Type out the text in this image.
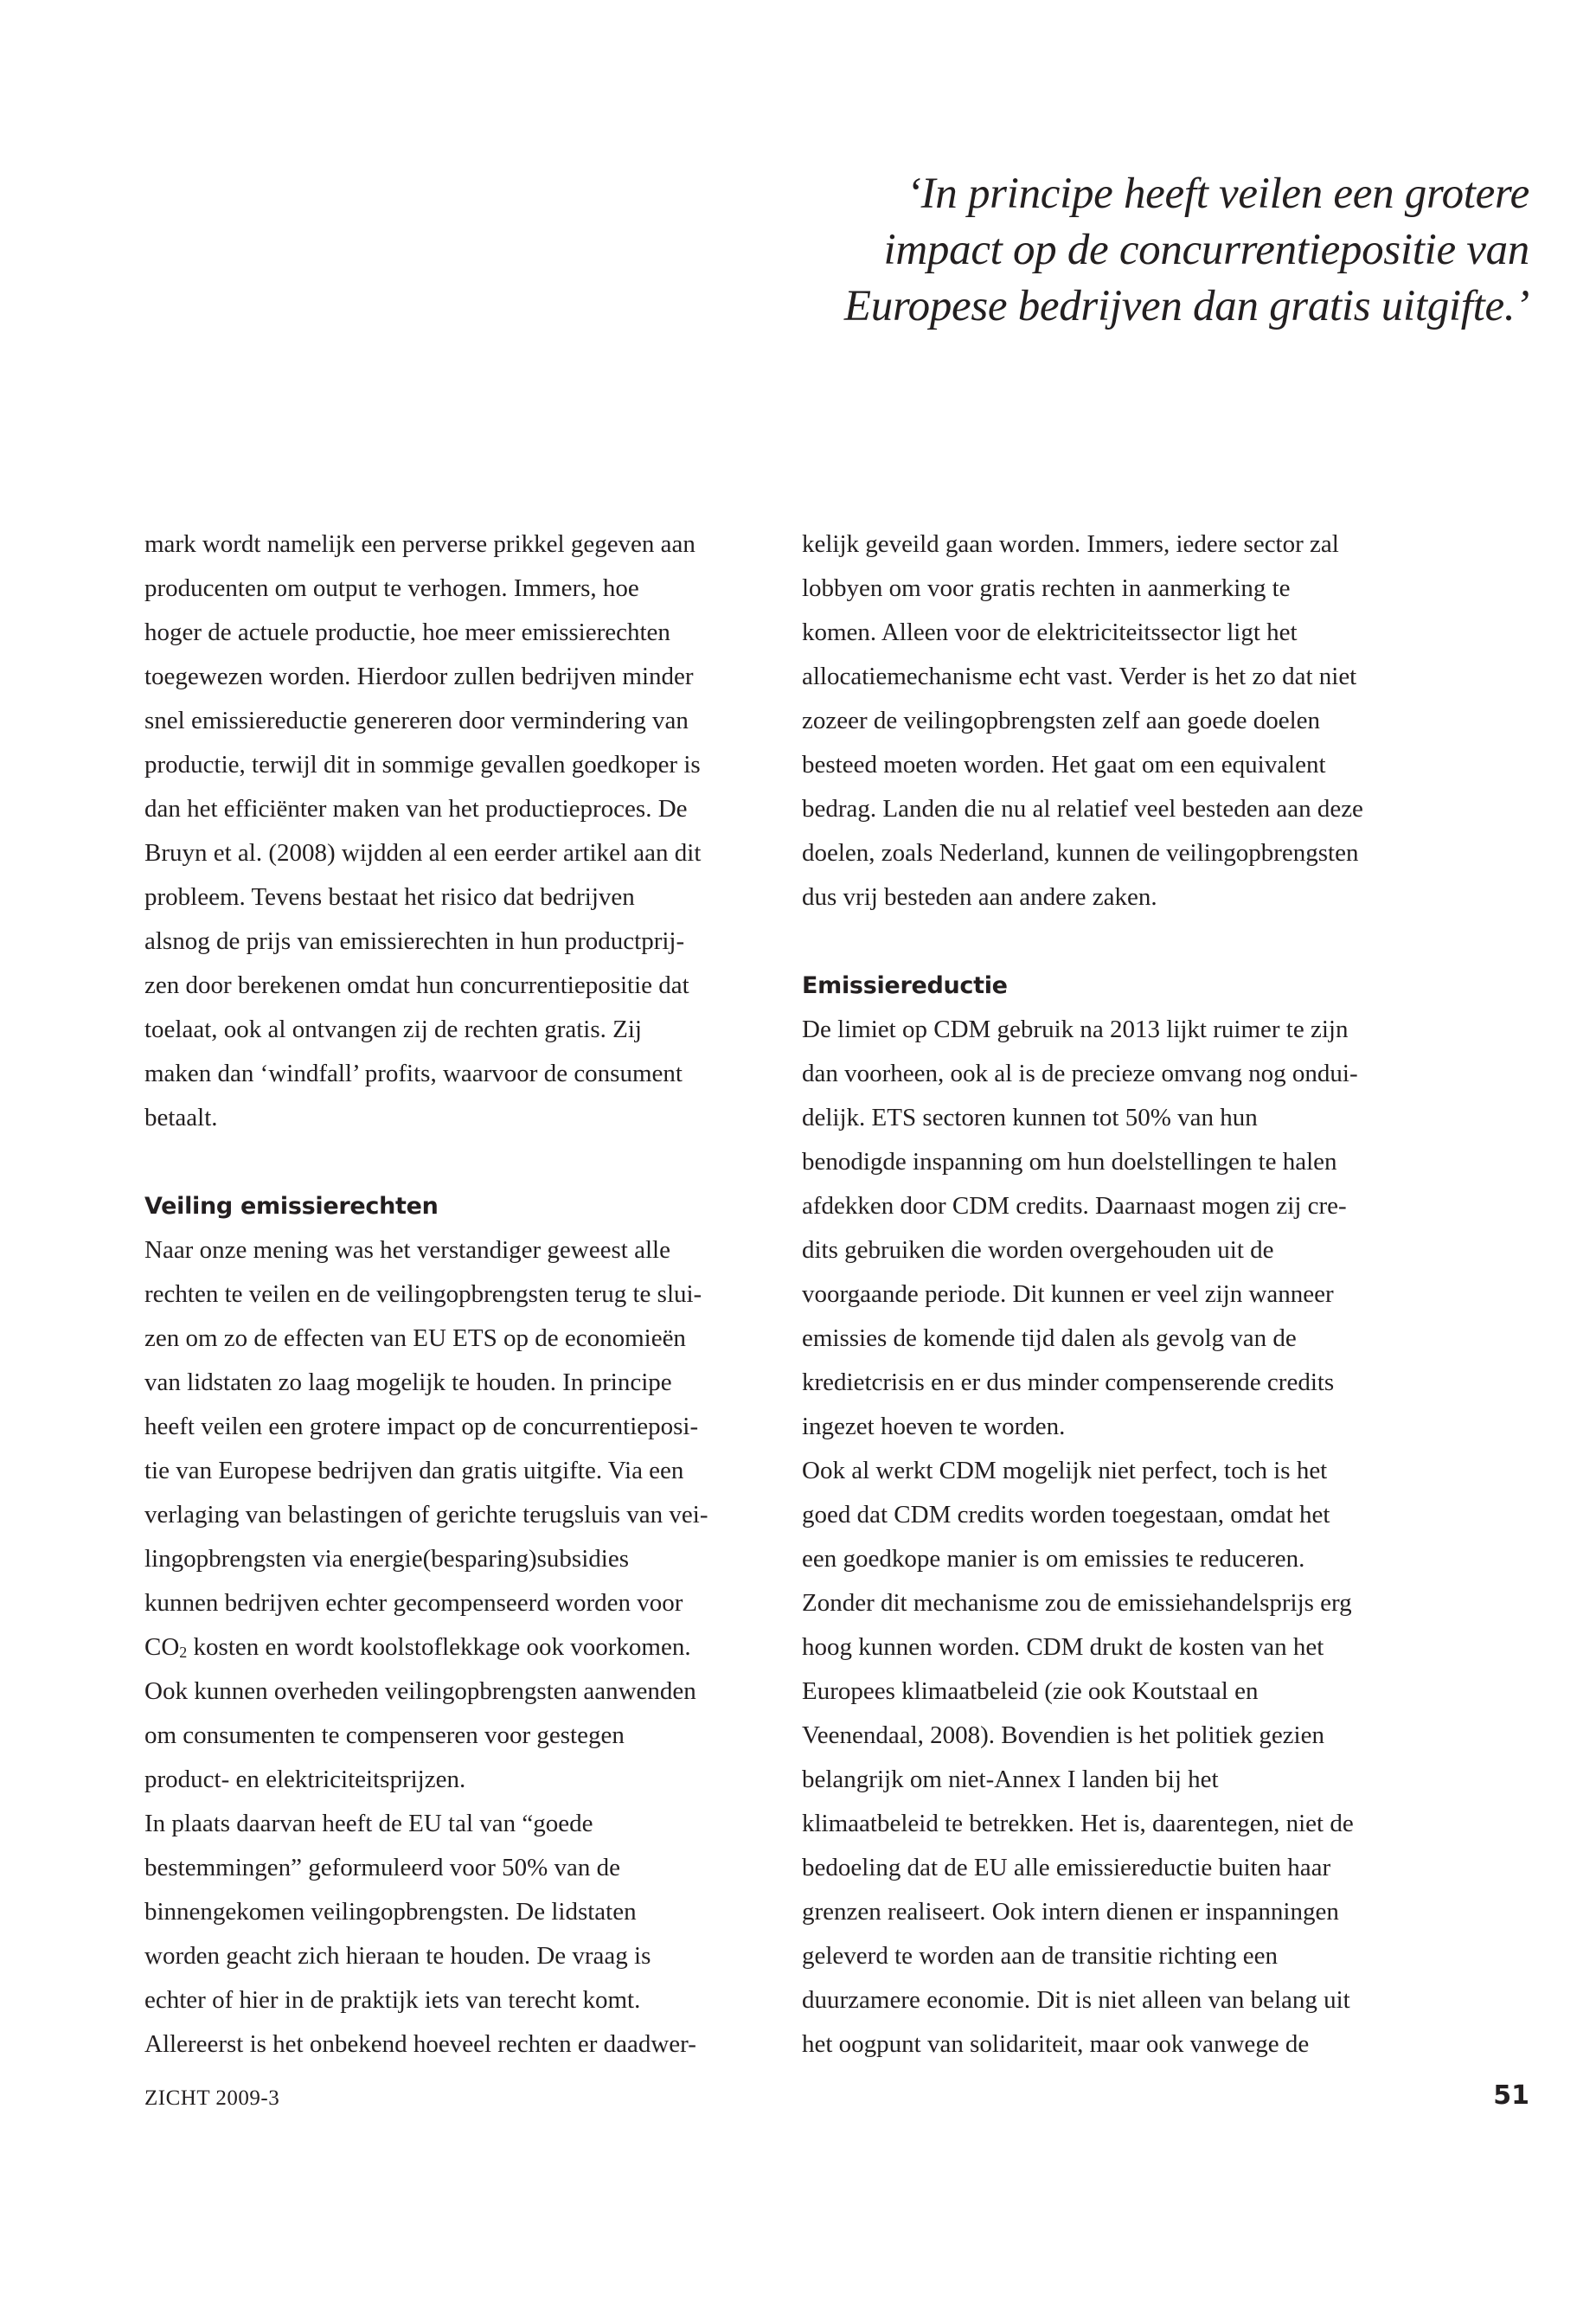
‘In principe heeft veilen een grotere
impact op de concurrentiepositie van
Europese bedrijven dan gratis uitgifte.’

mark wordt namelijk een perverse prikkel gegeven aan
producenten om output te verhogen. Immers, hoe
hoger de actuele productie, hoe meer emissierechten
toegewezen worden. Hierdoor zullen bedrijven minder
snel emissiereductie genereren door vermindering van
productie, terwijl dit in sommige gevallen goedkoper is
dan het efficiënter maken van het productieproces. De
Bruyn et al. (2008) wijdden al een eerder artikel aan dit
probleem. Tevens bestaat het risico dat bedrijven
alsnog de prijs van emissierechten in hun productprij-
zen door berekenen omdat hun concurrentiepositie dat
toelaat, ook al ontvangen zij de rechten gratis. Zij
maken dan ‘windfall’ profits, waarvoor de consument
betaalt.

Veiling emissierechten

Naar onze mening was het verstandiger geweest alle
rechten te veilen en de veilingopbrengsten terug te slui-
zen om zo de effecten van EU ETS op de economieën
van lidstaten zo laag mogelijk te houden. In principe
heeft veilen een grotere impact op de concurrentieposi-
tie van Europese bedrijven dan gratis uitgifte. Via een
verlaging van belastingen of gerichte terugsluis van vei-
lingopbrengsten via energie(besparing)subsidies
kunnen bedrijven echter gecompenseerd worden voor
$CO_2$ kosten en wordt koolstoflekkage ook voorkomen.
Ook kunnen overheden veilingopbrengsten aanwenden
om consumenten te compenseren voor gestegen
product- en elektriciteitsprijzen.

In plaats daarvan heeft de EU tal van “goede
bestemmingen” geformuleerd voor 50% van de
binnengekomen veilingopbrengsten. De lidstaten
worden geacht zich hieraan te houden. De vraag is
echter of hier in de praktijk iets van terecht komt.
Allereerst is het onbekend hoeveel rechten er daadwer-

kelijk geveild gaan worden. Immers, iedere sector zal
lobbyen om voor gratis rechten in aanmerking te
komen. Alleen voor de elektriciteitssector ligt het
allocatiemechanisme echt vast. Verder is het zo dat niet
zozeer de veilingopbrengsten zelf aan goede doelen
besteed moeten worden. Het gaat om een equivalent
bedrag. Landen die nu al relatief veel besteden aan deze
doelen, zoals Nederland, kunnen de veilingopbrengsten
dus vrij besteden aan andere zaken.

Emissiereductie

De limiet op CDM gebruik na 2013 lijkt ruimer te zijn
dan voorheen, ook al is de precieze omvang nog ondui-
delijk. ETS sectoren kunnen tot 50% van hun
benodigde inspanning om hun doelstellingen te halen
afdekken door CDM credits. Daarnaast mogen zij cre-
dits gebruiken die worden overgehouden uit de
voorgaande periode. Dit kunnen er veel zijn wanneer
emissies de komende tijd dalen als gevolg van de
kredietcrisis en er dus minder compenserende credits
ingezet hoeven te worden.

Ook al werkt CDM mogelijk niet perfect, toch is het
goed dat CDM credits worden toegestaan, omdat het
een goedkope manier is om emissies te reduceren.
Zonder dit mechanisme zou de emissiehandelsprijs erg
hoog kunnen worden. CDM drukt de kosten van het
Europees klimaatbeleid (zie ook Koutstaal en
Veenendaal, 2008). Bovendien is het politiek gezien
belangrijk om niet-Annex I landen bij het
klimaatbeleid te betrekken. Het is, daarentegen, niet de
bedoeling dat de EU alle emissiereductie buiten haar
grenzen realiseert. Ook intern dienen er inspanningen
geleverd te worden aan de transitie richting een
duurzamere economie. Dit is niet alleen van belang uit
het oogpunt van solidariteit, maar ook vanwege de

ZICHT 2009-3	51
